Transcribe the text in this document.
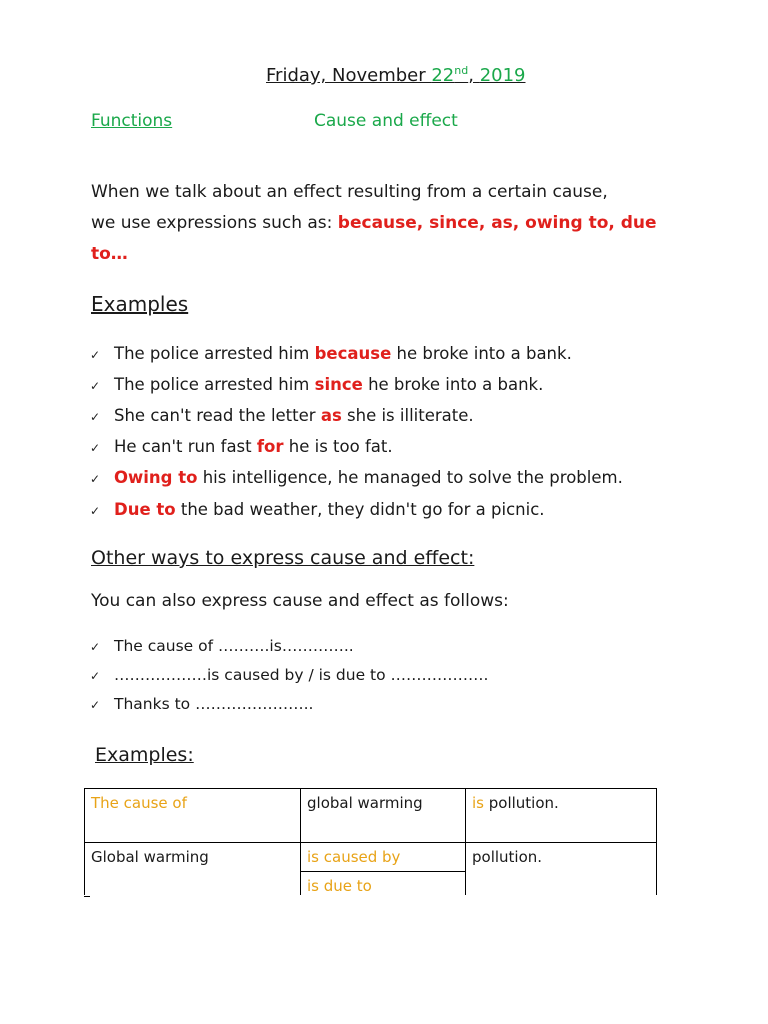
Friday, November 22nd, 2019
Functions	Cause and effect
When we talk about an effect resulting from a certain cause,
we use expressions such as: because, since, as, owing to, due
to…
Examples
✓ The police arrested him because he broke into a bank.
✓ The police arrested him since he broke into a bank.
✓ She can't read the letter as she is illiterate.
✓ He can't run fast for he is too fat.
✓ Owing to his intelligence, he managed to solve the problem.
✓ Due to the bad weather, they didn't go for a picnic.
Other ways to express cause and effect:
You can also express cause and effect as follows:
✓ The cause of ……….is…………..
✓ ………………is caused by / is due to ……………….
✓ Thanks to …………………..
Examples:
The cause of	global warming	is pollution.
Global warming	is caused by	pollution.
	is due to	
